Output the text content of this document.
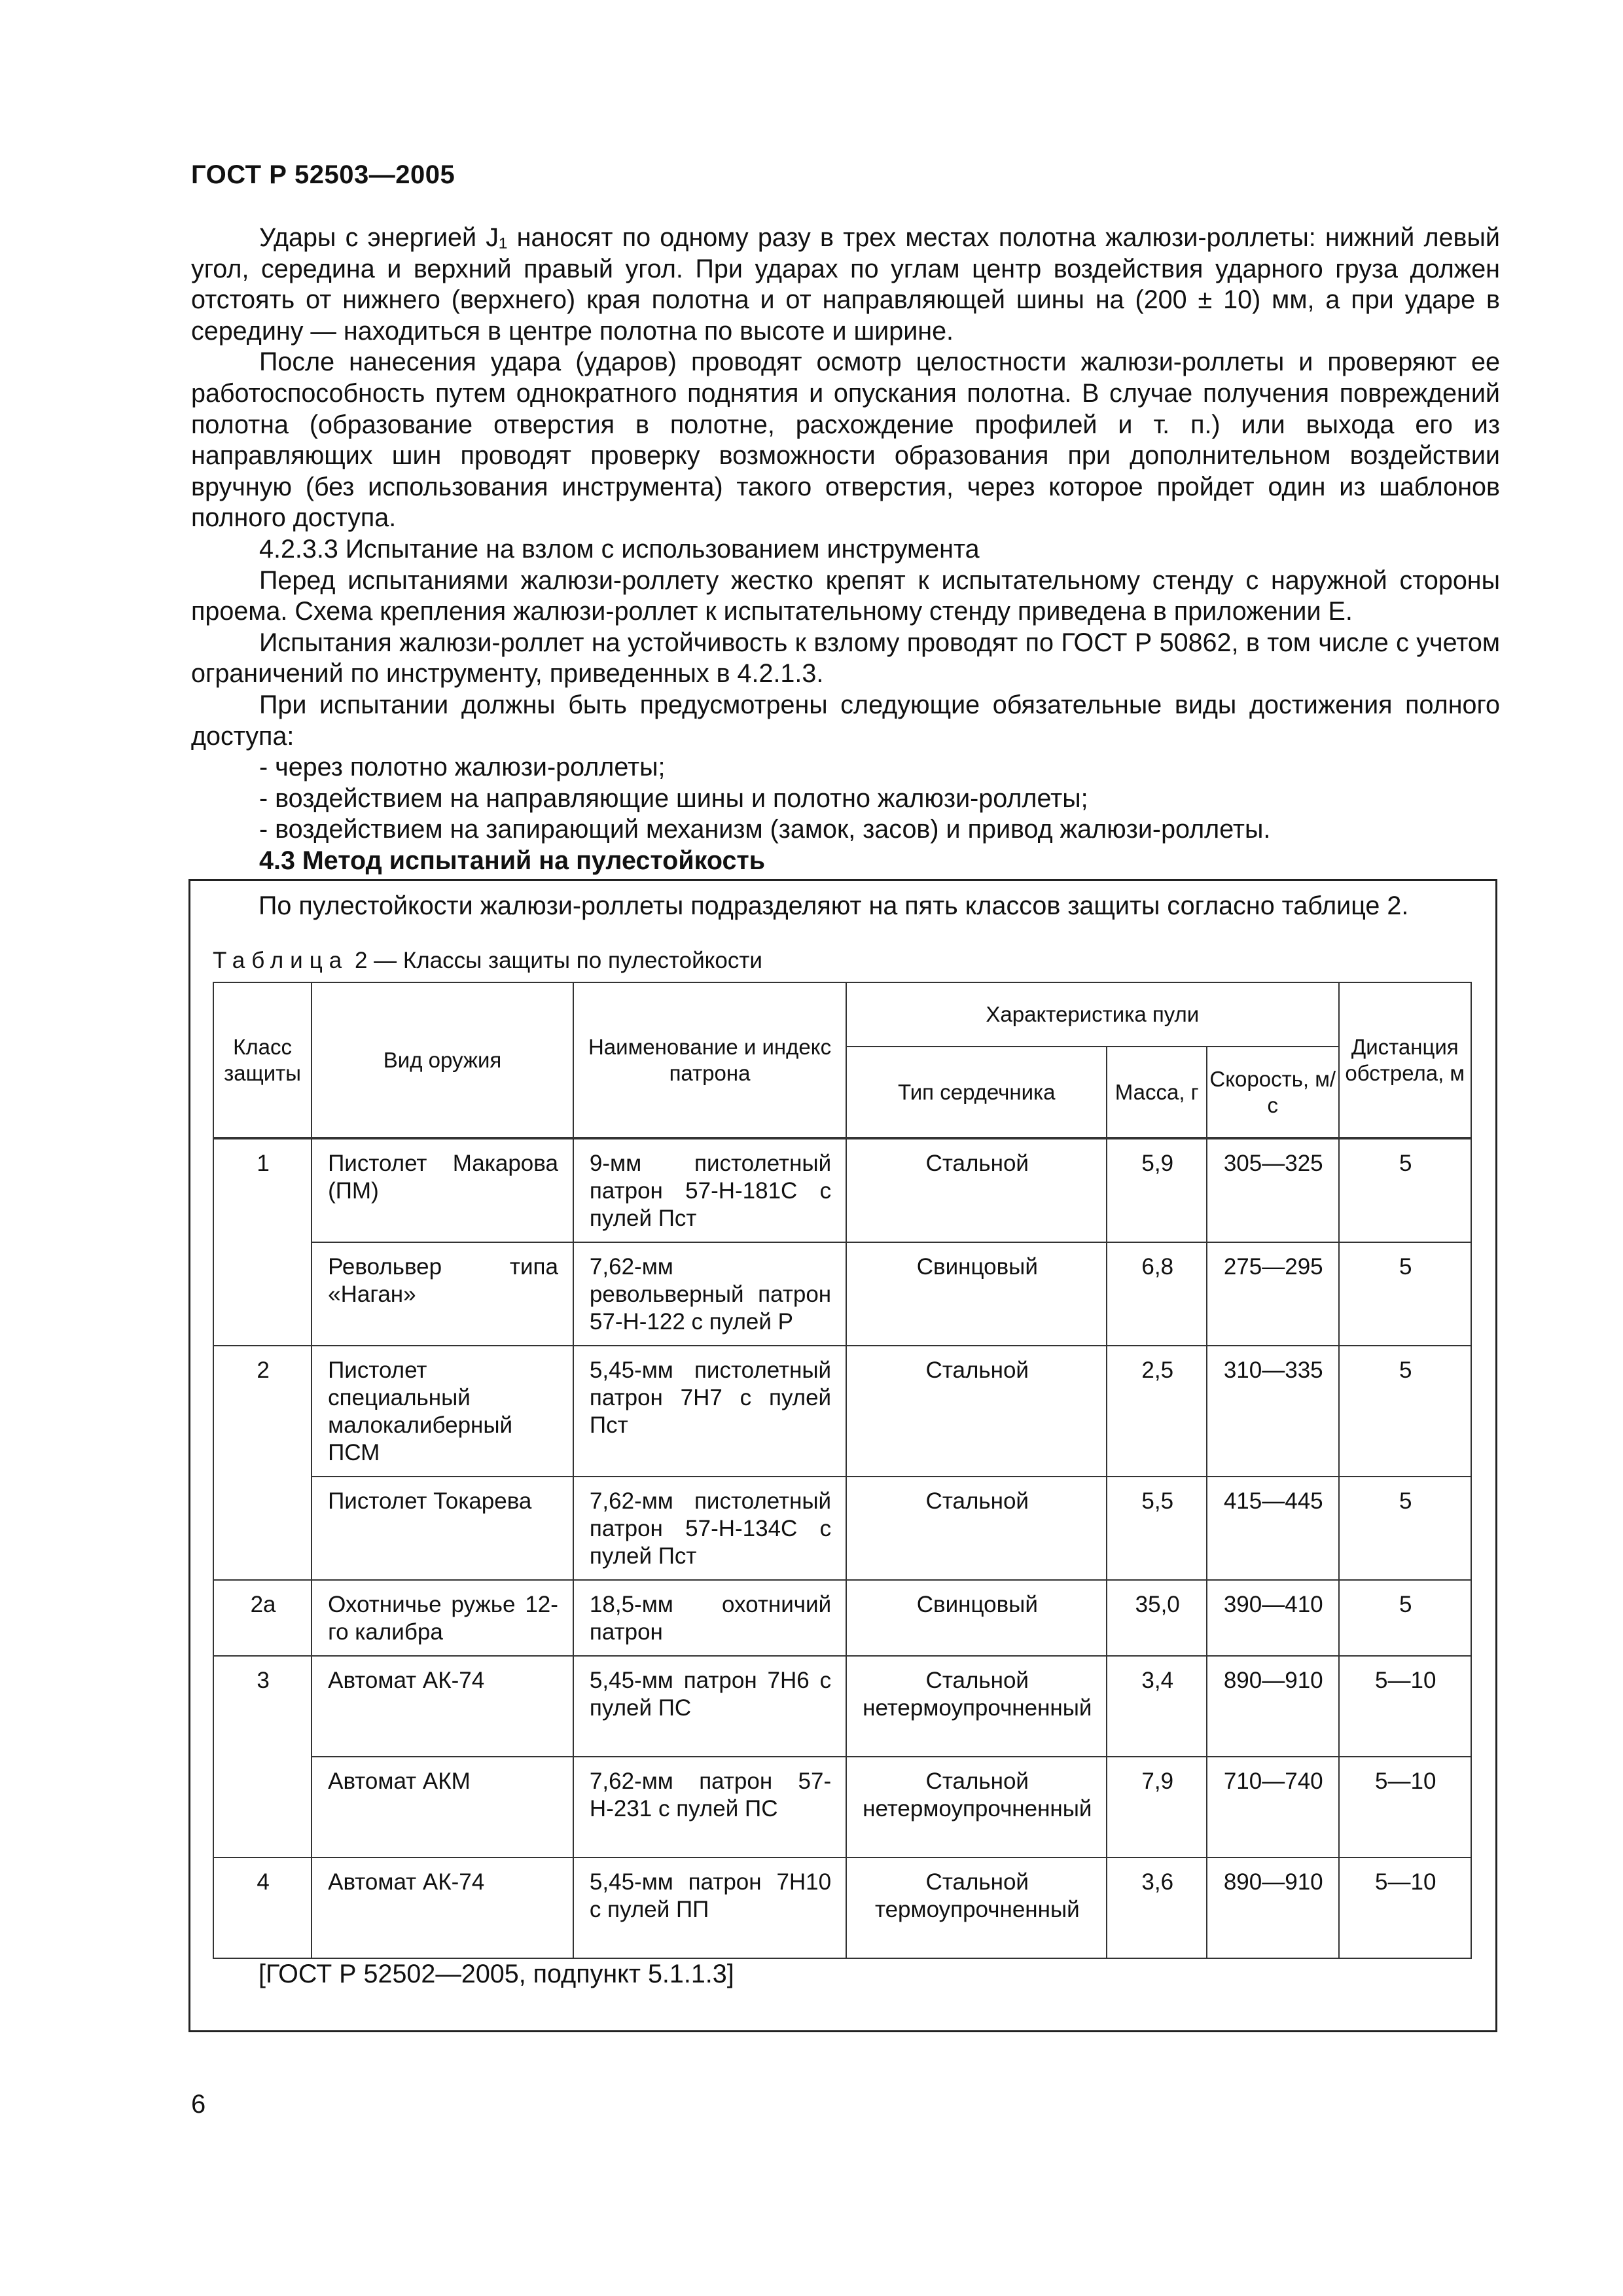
ГОСТ Р 52503—2005

Удары с энергией J₁ наносят по одному разу в трех местах полотна жалюзи-роллеты: нижний левый угол, середина и верхний правый угол. При ударах по углам центр воздействия ударного груза должен отстоять от нижнего (верхнего) края полотна и от направляющей шины на (200 ± 10) мм, а при ударе в середину — находиться в центре полотна по высоте и ширине.

После нанесения удара (ударов) проводят осмотр целостности жалюзи-роллеты и проверяют ее работоспособность путем однократного поднятия и опускания полотна. В случае получения повреждений полотна (образование отверстия в полотне, расхождение профилей и т. п.) или выхода его из направляющих шин проводят проверку возможности образования при дополнительном воздействии вручную (без использования инструмента) такого отверстия, через которое пройдет один из шаблонов полного доступа.

4.2.3.3 Испытание на взлом с использованием инструмента

Перед испытаниями жалюзи-роллету жестко крепят к испытательному стенду с наружной стороны проема. Схема крепления жалюзи-роллет к испытательному стенду приведена в приложении Е.

Испытания жалюзи-роллет на устойчивость к взлому проводят по ГОСТ Р 50862, в том числе с учетом ограничений по инструменту, приведенных в 4.2.1.3.

При испытании должны быть предусмотрены следующие обязательные виды достижения полного доступа:

- через полотно жалюзи-роллеты;

- воздействием на направляющие шины и полотно жалюзи-роллеты;

- воздействием на запирающий механизм (замок, засов) и привод жалюзи-роллеты.

4.3 Метод испытаний на пулестойкость

По пулестойкости жалюзи-роллеты подразделяют на пять классов защиты согласно таблице 2.
Таблица 2 — Классы защиты по пулестойкости
Класс защиты	Вид оружия	Наименование и индекс патрона	Характеристика пули			Дистанция обстрела, м
			Тип сердечника	Масса, г	Скорость, м/с	

1	Пистолет Макарова (ПМ)	9-мм пистолетный патрон 57-Н-181С с пулей Пст	Стальной	5,9	305—325	5

	Револьвер типа «Наган»	7,62-мм револьверный патрон 57-Н-122 с пулей Р	Свинцовый	6,8	275—295	5

2	Пистолет специальный малокалиберный ПСМ	5,45-мм пистолетный патрон 7Н7 с пулей Пст	Стальной	2,5	310—335	5

	Пистолет Токарева	7,62-мм пистолетный патрон 57-Н-134С с пулей Пст	Стальной	5,5	415—445	5

2а	Охотничье ружье 12-го калибра	18,5-мм охотничий патрон	Свинцовый	35,0	390—410	5

3	Автомат АК-74	5,45-мм патрон 7Н6 с пулей ПС	Стальной нетермоупрочненный	3,4	890—910	5—10

	Автомат АКМ	7,62-мм патрон 57-Н-231 с пулей ПС	Стальной нетермоупрочненный	7,9	710—740	5—10

4	Автомат АК-74	5,45-мм патрон 7Н10 с пулей ПП	Стальной термоупрочненный	3,6	890—910	5—10
[ГОСТ Р 52502—2005, подпункт 5.1.1.3]
6
